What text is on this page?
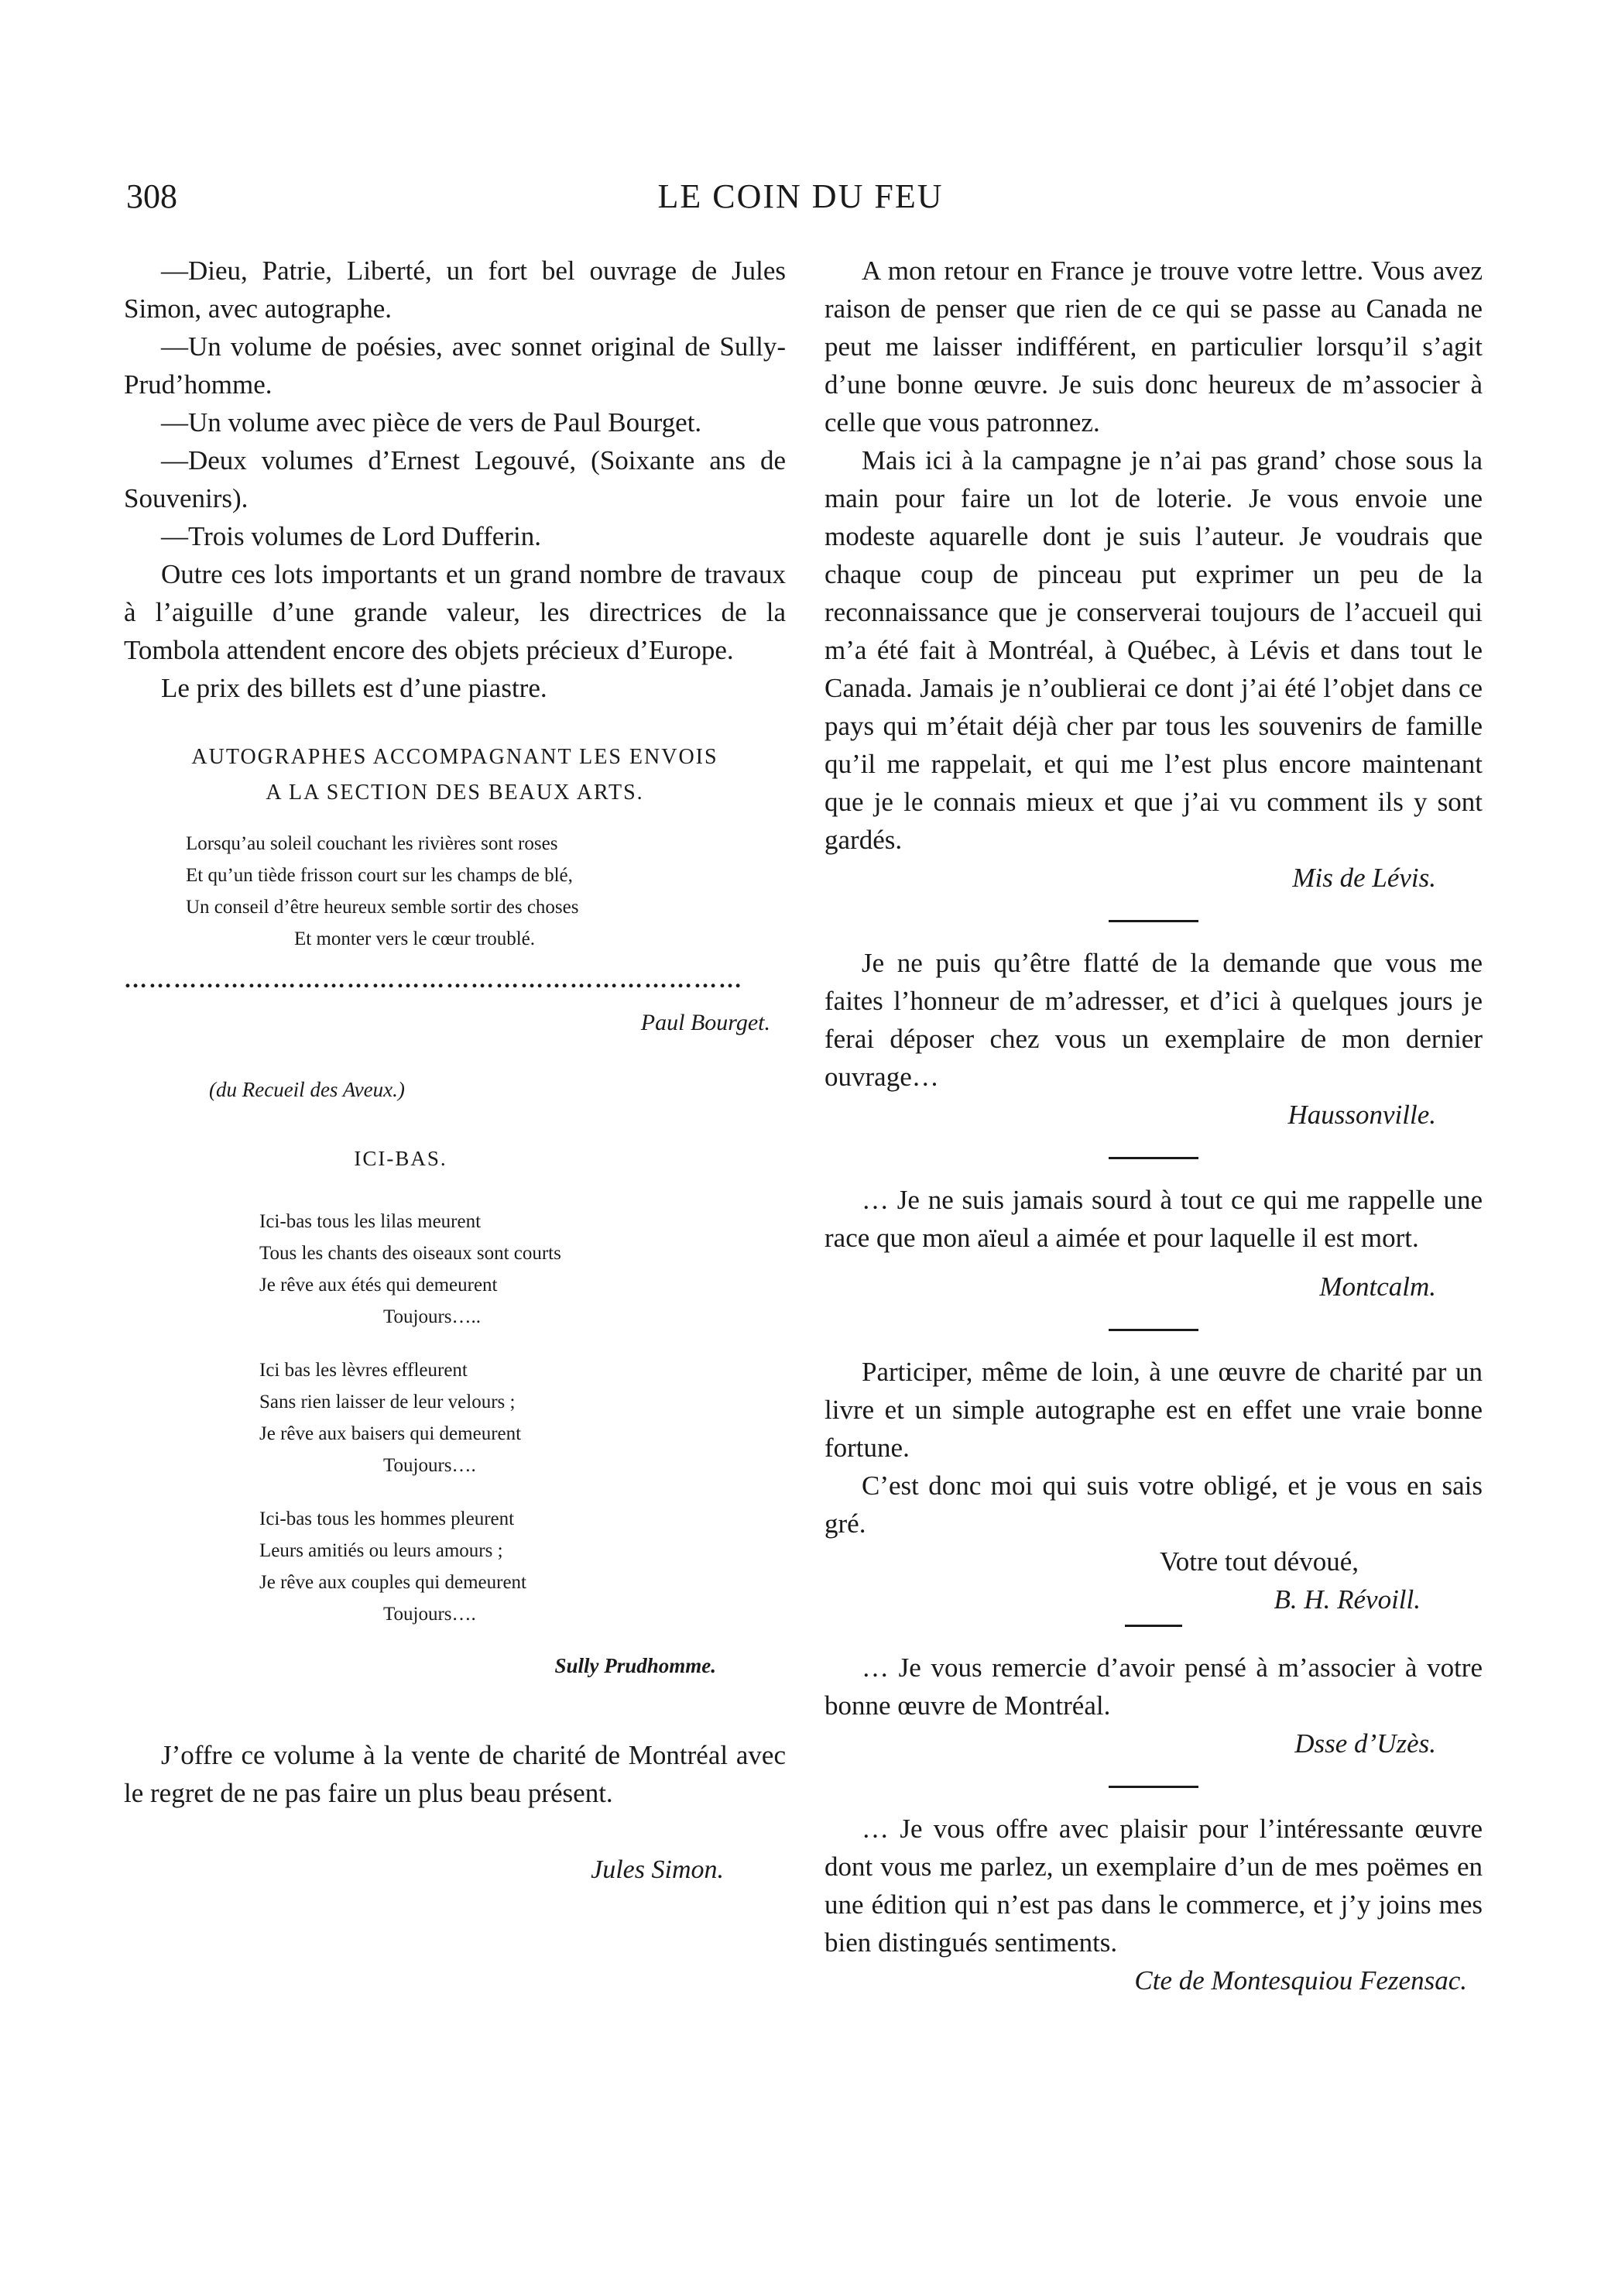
308	LE COIN DU FEU

—Dieu, Patrie, Liberté, un fort bel ouvrage de Jules Simon, avec autographe.

—Un volume de poésies, avec sonnet original de Sully-Prud’homme.

—Un volume avec pièce de vers de Paul Bourget.

—Deux volumes d’Ernest Legouvé, (Soixante ans de Souvenirs).

—Trois volumes de Lord Dufferin.

Outre ces lots importants et un grand nombre de travaux à l’aiguille d’une grande valeur, les directrices de la Tombola attendent encore des objets précieux d’Europe.

Le prix des billets est d’une piastre.

AUTOGRAPHES ACCOMPAGNANT LES ENVOIS
A LA SECTION DES BEAUX ARTS.
Lorsqu’au soleil couchant les rivières sont roses
Et qu’un tiède frisson court sur les champs de blé,
Un conseil d’être heureux semble sortir des choses
Et monter vers le cœur troublé.
…………………………………………………………………
Paul Bourget.
(du Recueil des Aveux.)
ICI-BAS.
Ici-bas tous les lilas meurent
Tous les chants des oiseaux sont courts
Je rêve aux étés qui demeurent
Toujours…..
Ici bas les lèvres effleurent
Sans rien laisser de leur velours ;
Je rêve aux baisers qui demeurent
Toujours….
Ici-bas tous les hommes pleurent
Leurs amitiés ou leurs amours ;
Je rêve aux couples qui demeurent
Toujours….
Sully Prudhomme.

J’offre ce volume à la vente de charité de Montréal avec le regret de ne pas faire un plus beau présent.

Jules Simon.

A mon retour en France je trouve votre lettre. Vous avez raison de penser que rien de ce qui se passe au Canada ne peut me laisser indifférent, en particulier lorsqu’il s’agit d’une bonne œuvre. Je suis donc heureux de m’associer à celle que vous patronnez.

Mais ici à la campagne je n’ai pas grand’ chose sous la main pour faire un lot de loterie. Je vous envoie une modeste aquarelle dont je suis l’auteur. Je voudrais que chaque coup de pinceau put exprimer un peu de la reconnaissance que je conserverai toujours de l’accueil qui m’a été fait à Montréal, à Québec, à Lévis et dans tout le Canada. Jamais je n’oublierai ce dont j’ai été l’objet dans ce pays qui m’était déjà cher par tous les souvenirs de famille qu’il me rappelait, et qui me l’est plus encore maintenant que je le connais mieux et que j’ai vu comment ils y sont gardés.

Mis de Lévis.

Je ne puis qu’être flatté de la demande que vous me faites l’honneur de m’adresser, et d’ici à quelques jours je ferai déposer chez vous un exemplaire de mon dernier ouvrage…

Haussonville.

… Je ne suis jamais sourd à tout ce qui me rappelle une race que mon aïeul a aimée et pour laquelle il est mort.

Montcalm.

Participer, même de loin, à une œuvre de charité par un livre et un simple autographe est en effet une vraie bonne fortune.

C’est donc moi qui suis votre obligé, et je vous en sais gré.

Votre tout dévoué,
B. H. Révoill.

… Je vous remercie d’avoir pensé à m’associer à votre bonne œuvre de Montréal.

Dsse d’Uzès.

… Je vous offre avec plaisir pour l’intéressante œuvre dont vous me parlez, un exemplaire d’un de mes poëmes en une édition qui n’est pas dans le commerce, et j’y joins mes bien distingués sentiments.

Cte de Montesquiou Fezensac.
